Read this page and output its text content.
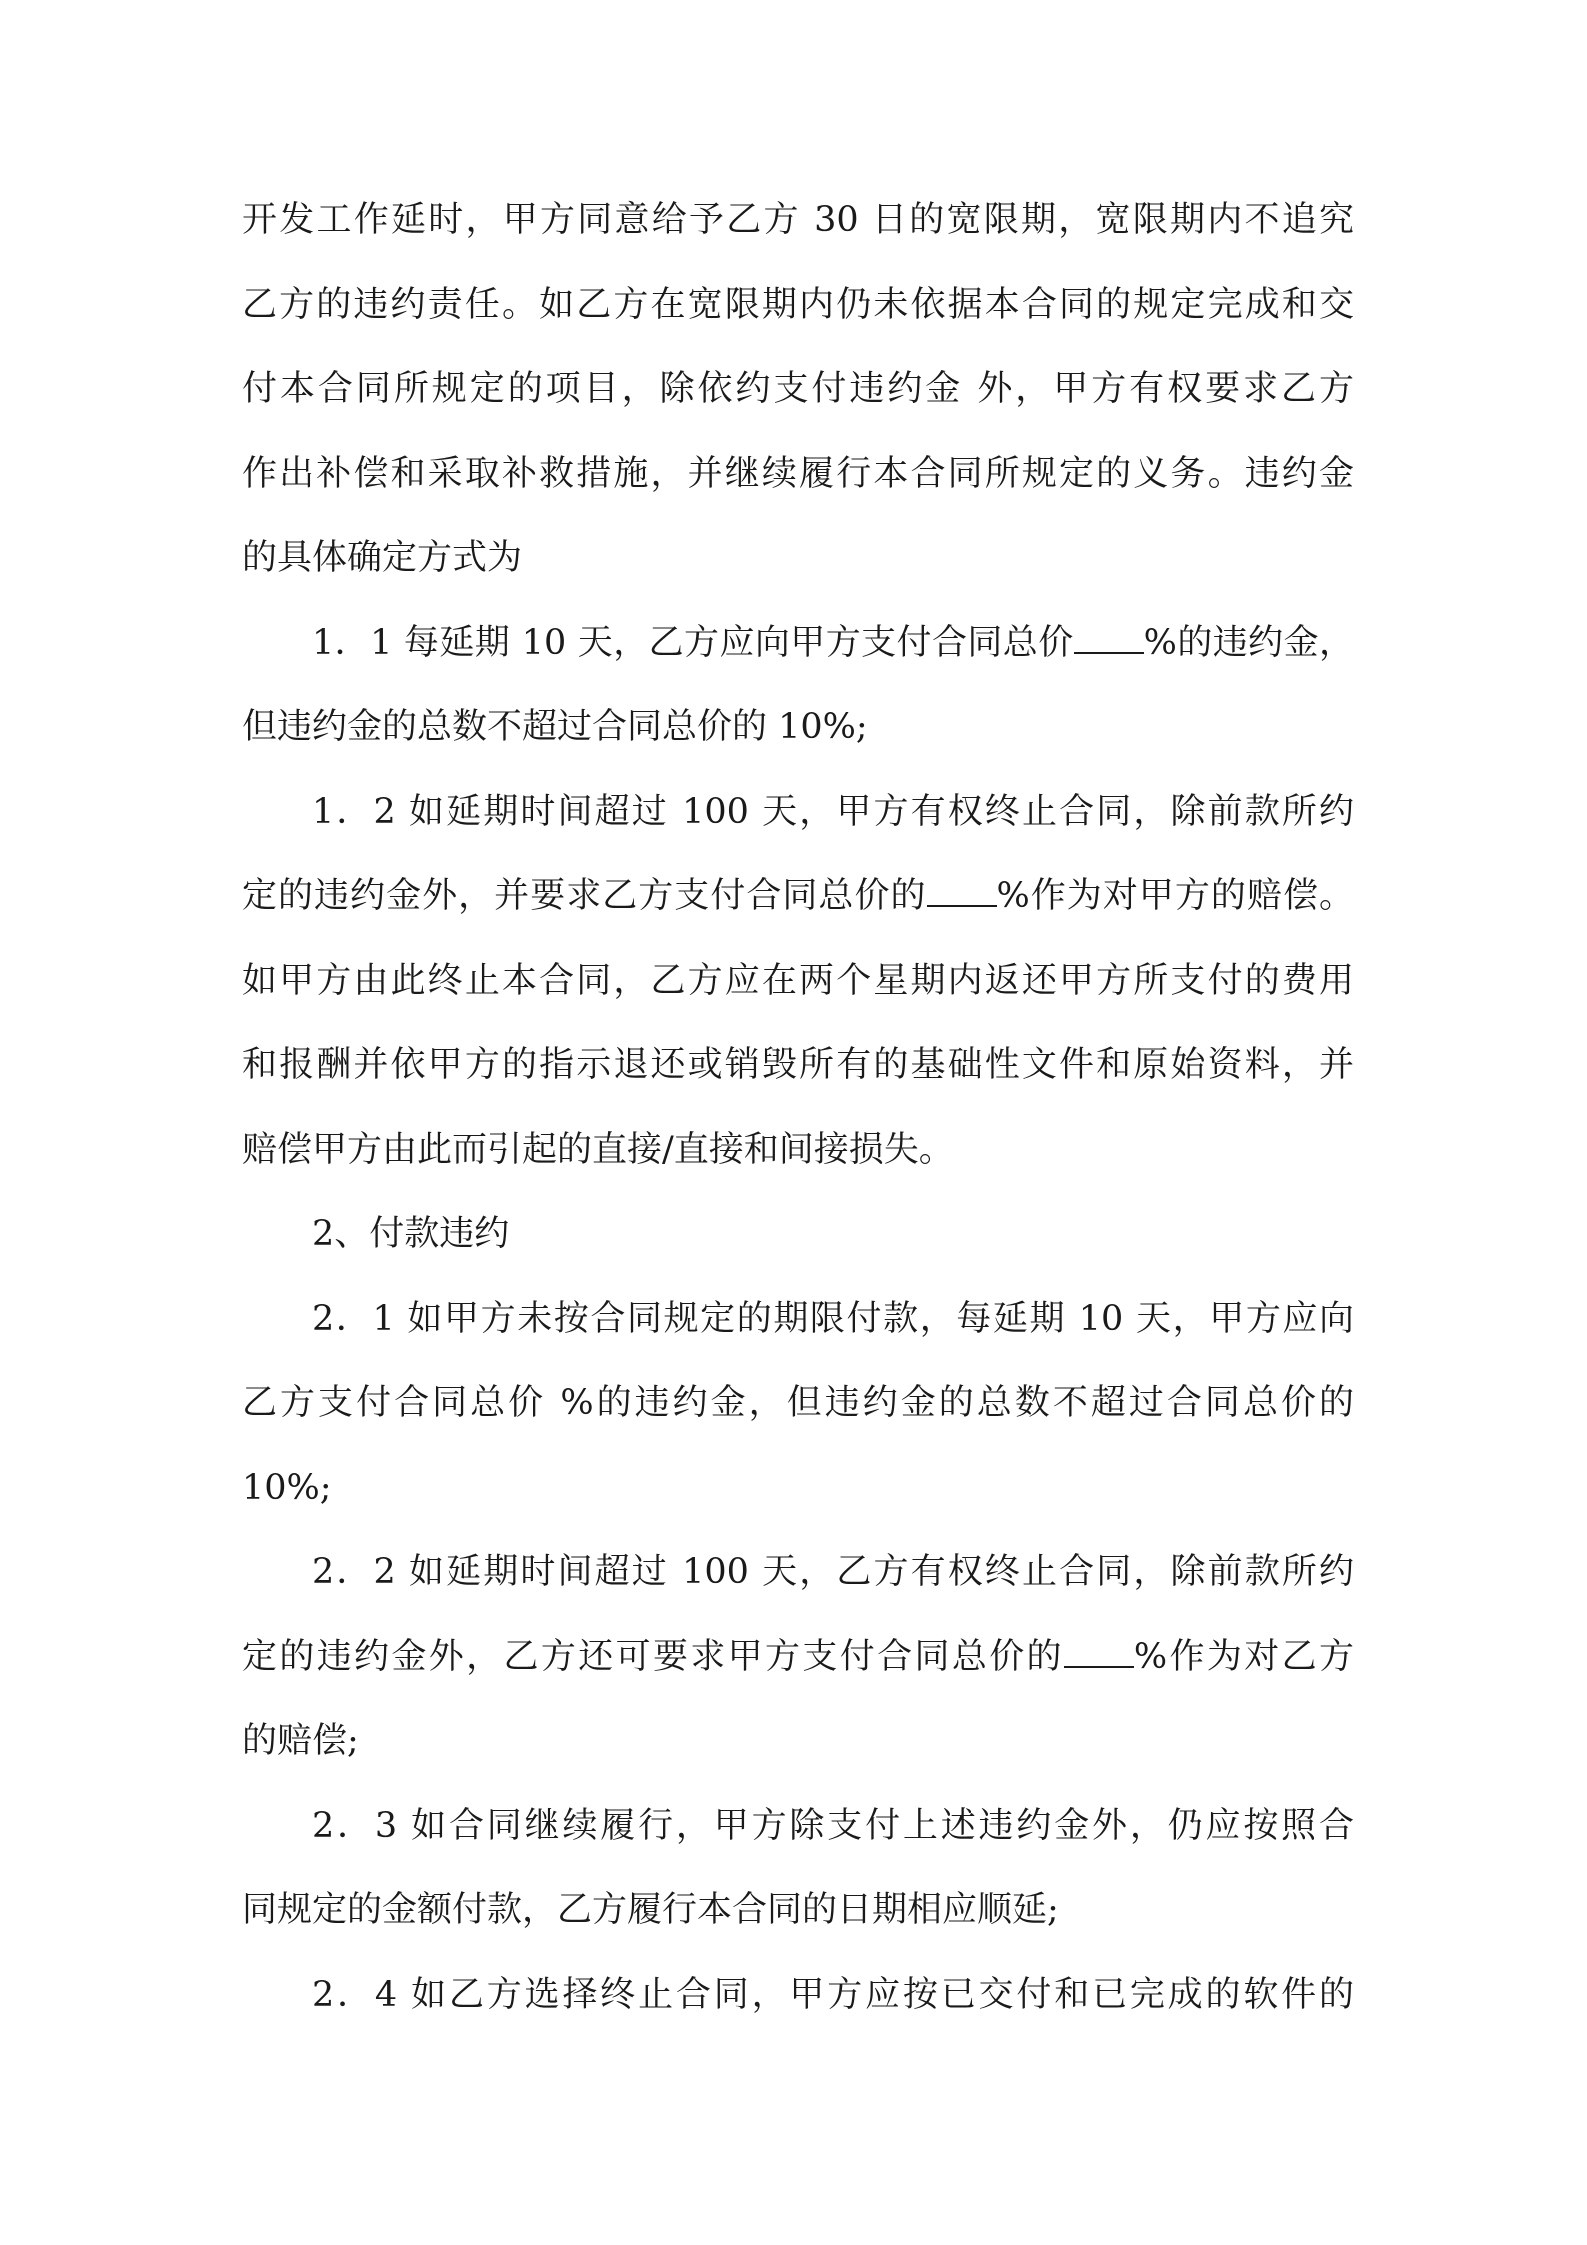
开发工作延时，甲方同意给予乙方 30 日的宽限期，宽限期内不追究
乙方的违约责任。如乙方在宽限期内仍未依据本合同的规定完成和交
付本合同所规定的项目，除依约支付违约金 外，甲方有权要求乙方
作出补偿和采取补救措施，并继续履行本合同所规定的义务。违约金
的具体确定方式为
1．1 每延期 10 天，乙方应向甲方支付合同总价 %的违约金，
但违约金的总数不超过合同总价的 10%;
1．2 如延期时间超过 100 天，甲方有权终止合同，除前款所约
定的违约金外，并要求乙方支付合同总价的 %作为对甲方的赔偿。
如甲方由此终止本合同，乙方应在两个星期内返还甲方所支付的费用
和报酬并依甲方的指示退还或销毁所有的基础性文件和原始资料，并
赔偿甲方由此而引起的直接/直接和间接损失。
2、付款违约
2．1 如甲方未按合同规定的期限付款，每延期 10 天，甲方应向
乙方支付合同总价 %的违约金，但违约金的总数不超过合同总价的
10%;
2．2 如延期时间超过 100 天，乙方有权终止合同，除前款所约
定的违约金外，乙方还可要求甲方支付合同总价的 %作为对乙方
的赔偿;
2．3 如合同继续履行，甲方除支付上述违约金外，仍应按照合
同规定的金额付款，乙方履行本合同的日期相应顺延;
2．4 如乙方选择终止合同，甲方应按已交付和已完成的软件的
